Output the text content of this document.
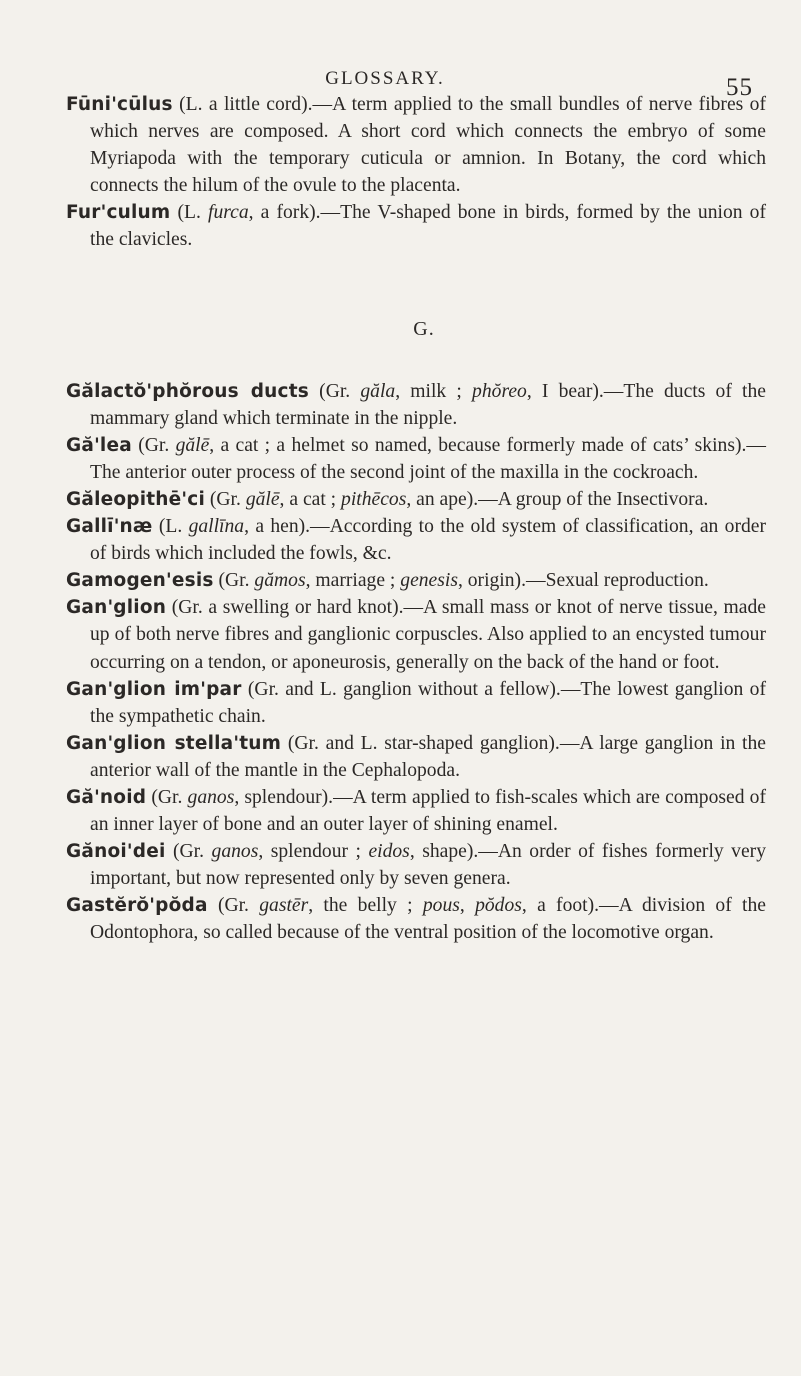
GLOSSARY.	55

Fūni'cūlus (L. a little cord).—A term applied to the small bundles of nerve fibres of which nerves are composed. A short cord which connects the embryo of some Myriapoda with the temporary cuticula or amnion. In Botany, the cord which connects the hilum of the ovule to the placenta.

Fur'culum (L. furca, a fork).—The V-shaped bone in birds, formed by the union of the clavicles.

G.

Gălactŏ'phŏrous ducts (Gr. găla, milk ; phŏreo, I bear).—The ducts of the mammary gland which terminate in the nipple.

Gă'lea (Gr. gălē, a cat ; a helmet so named, because formerly made of cats’ skins).— The anterior outer process of the second joint of the maxilla in the cockroach.

Găleopithē'ci (Gr. gălē, a cat ; pithēcos, an ape).—A group of the Insectivora.

Gallī'næ (L. gallīna, a hen).—According to the old system of classification, an order of birds which included the fowls, &c.

Gamogen'esis (Gr. gămos, marriage ; genesis, origin).—Sexual reproduction.

Gan'glion (Gr. a swelling or hard knot).—A small mass or knot of nerve tissue, made up of both nerve fibres and ganglionic corpuscles. Also applied to an encysted tumour occurring on a tendon, or aponeurosis, generally on the back of the hand or foot.

Gan'glion im'par (Gr. and L. ganglion without a fellow).—The lowest ganglion of the sympathetic chain.

Gan'glion stella'tum (Gr. and L. star-shaped ganglion).—A large ganglion in the anterior wall of the mantle in the Cephalopoda.

Gă'noid (Gr. ganos, splendour).—A term applied to fish-scales which are composed of an inner layer of bone and an outer layer of shining enamel.

Gănoi'dei (Gr. ganos, splendour ; eidos, shape).—An order of fishes formerly very important, but now represented only by seven genera.

Gastĕrŏ'pŏda (Gr. gastēr, the belly ; pous, pŏdos, a foot).—A division of the Odontophora, so called because of the ventral position of the locomotive organ.
